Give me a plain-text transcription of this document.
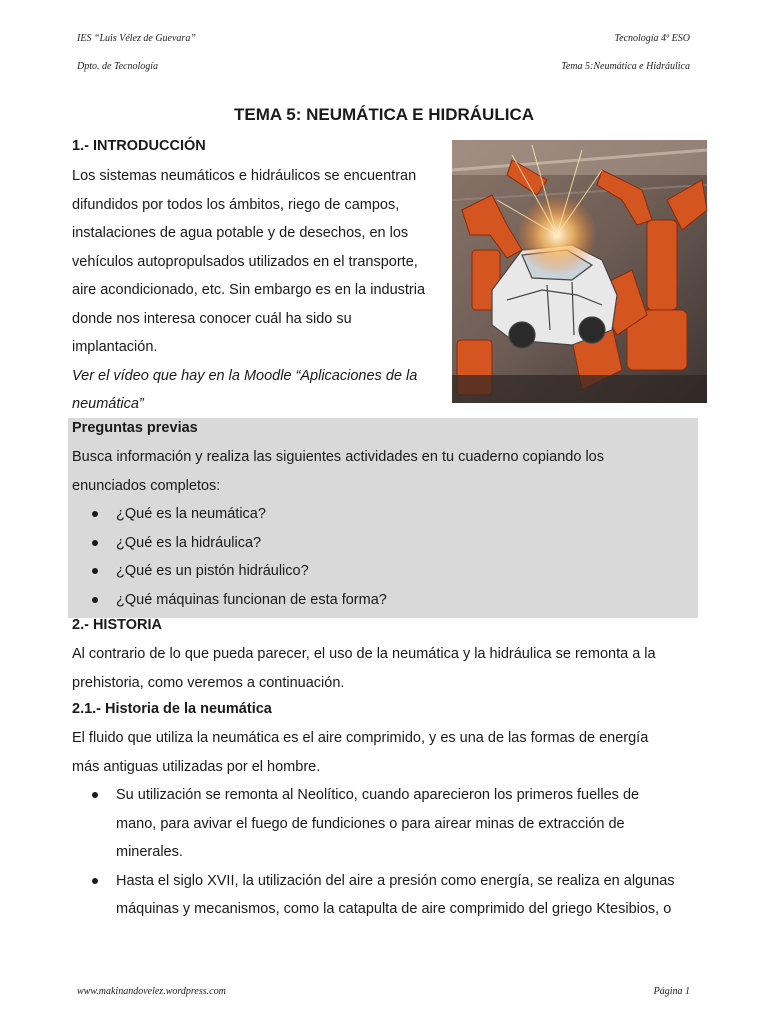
IES “Luis Vélez de Guevara”
Dpto. de Tecnología
Tecnología 4º ESO
Tema 5:Neumática e Hidráulica
TEMA 5: NEUMÁTICA E HIDRÁULICA
1.- INTRODUCCIÓN
Los sistemas neumáticos e hidráulicos se encuentran
difundidos por todos los ámbitos, riego de campos,
instalaciones de agua potable y de desechos, en los
vehículos autopropulsados utilizados en el transporte,
aire acondicionado, etc. Sin embargo es en la industria
donde nos interesa conocer cuál ha sido su
implantación.
Ver el vídeo que hay en la Moodle “Aplicaciones de la
neumática”
Preguntas previas
Busca información y realiza las siguientes actividades en tu cuaderno copiando los
enunciados completos:
¿Qué es la neumática?
¿Qué es la hidráulica?
¿Qué es un pistón hidráulico?
¿Qué máquinas funcionan de esta forma?
2.- HISTORIA
Al contrario de lo que pueda parecer, el uso de la neumática y la hidráulica se remonta a la
prehistoria, como veremos a continuación.
2.1.- Historia de la neumática
El fluido que utiliza la neumática es el aire comprimido, y es una de las formas de energía
más antiguas utilizadas por el hombre.
Su utilización se remonta al Neolítico, cuando aparecieron los primeros fuelles de
mano, para avivar el fuego de fundiciones o para airear minas de extracción de
minerales.
Hasta el siglo XVII, la utilización del aire a presión como energía, se realiza en algunas
máquinas y mecanismos, como la catapulta de aire comprimido del griego Ktesibios, o
www.makinandovelez.wordpress.com	Página 1
